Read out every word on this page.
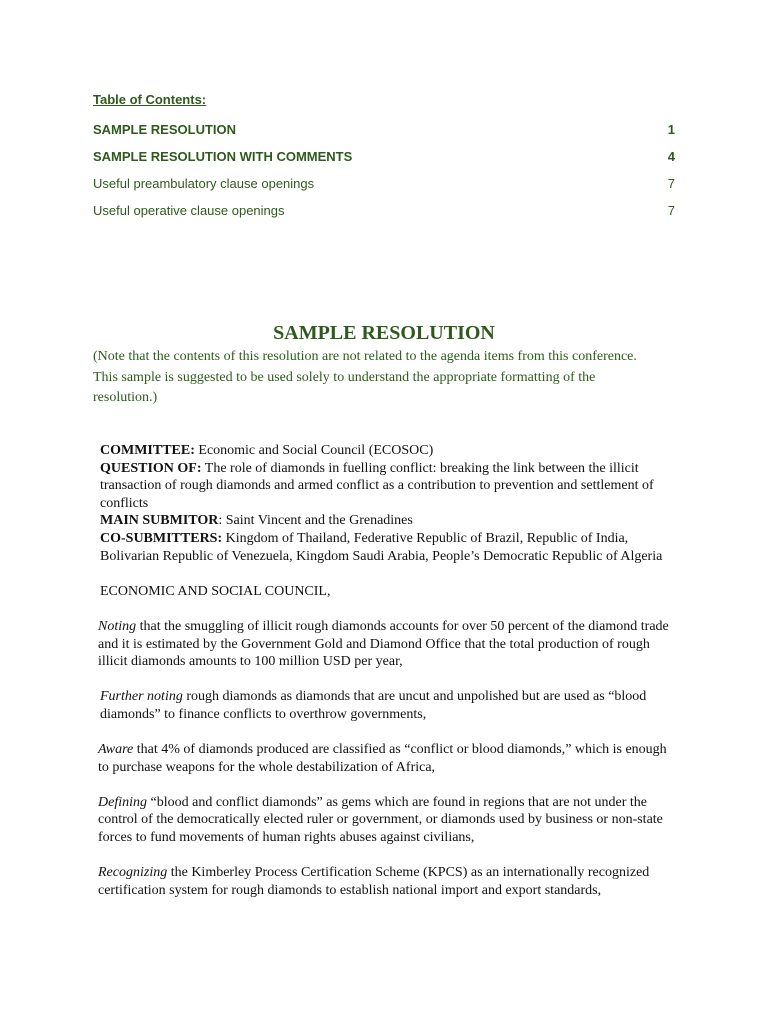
Table of Contents:
SAMPLE RESOLUTION	1
SAMPLE RESOLUTION WITH COMMENTS	4
Useful preambulatory clause openings	7
Useful operative clause openings	7
SAMPLE RESOLUTION

(Note that the contents of this resolution are not related to the agenda items from this conference. This sample is suggested to be used solely to understand the appropriate formatting of the resolution.)

COMMITTEE: Economic and Social Council (ECOSOC)

QUESTION OF: The role of diamonds in fuelling conflict: breaking the link between the illicit transaction of rough diamonds and armed conflict as a contribution to prevention and settlement of conflicts

MAIN SUBMITOR: Saint Vincent and the Grenadines

CO-SUBMITTERS: Kingdom of Thailand, Federative Republic of Brazil, Republic of India, Bolivarian Republic of Venezuela, Kingdom Saudi Arabia, People’s Democratic Republic of Algeria

ECONOMIC AND SOCIAL COUNCIL,

Noting that the smuggling of illicit rough diamonds accounts for over 50 percent of the diamond trade and it is estimated by the Government Gold and Diamond Office that the total production of rough illicit diamonds amounts to 100 million USD per year,

Further noting rough diamonds as diamonds that are uncut and unpolished but are used as “blood diamonds” to finance conflicts to overthrow governments,

Aware that 4% of diamonds produced are classified as “conflict or blood diamonds,” which is enough to purchase weapons for the whole destabilization of Africa,

Defining “blood and conflict diamonds” as gems which are found in regions that are not under the control of the democratically elected ruler or government, or diamonds used by business or non-state forces to fund movements of human rights abuses against civilians,

Recognizing the Kimberley Process Certification Scheme (KPCS) as an internationally recognized certification system for rough diamonds to establish national import and export standards,
